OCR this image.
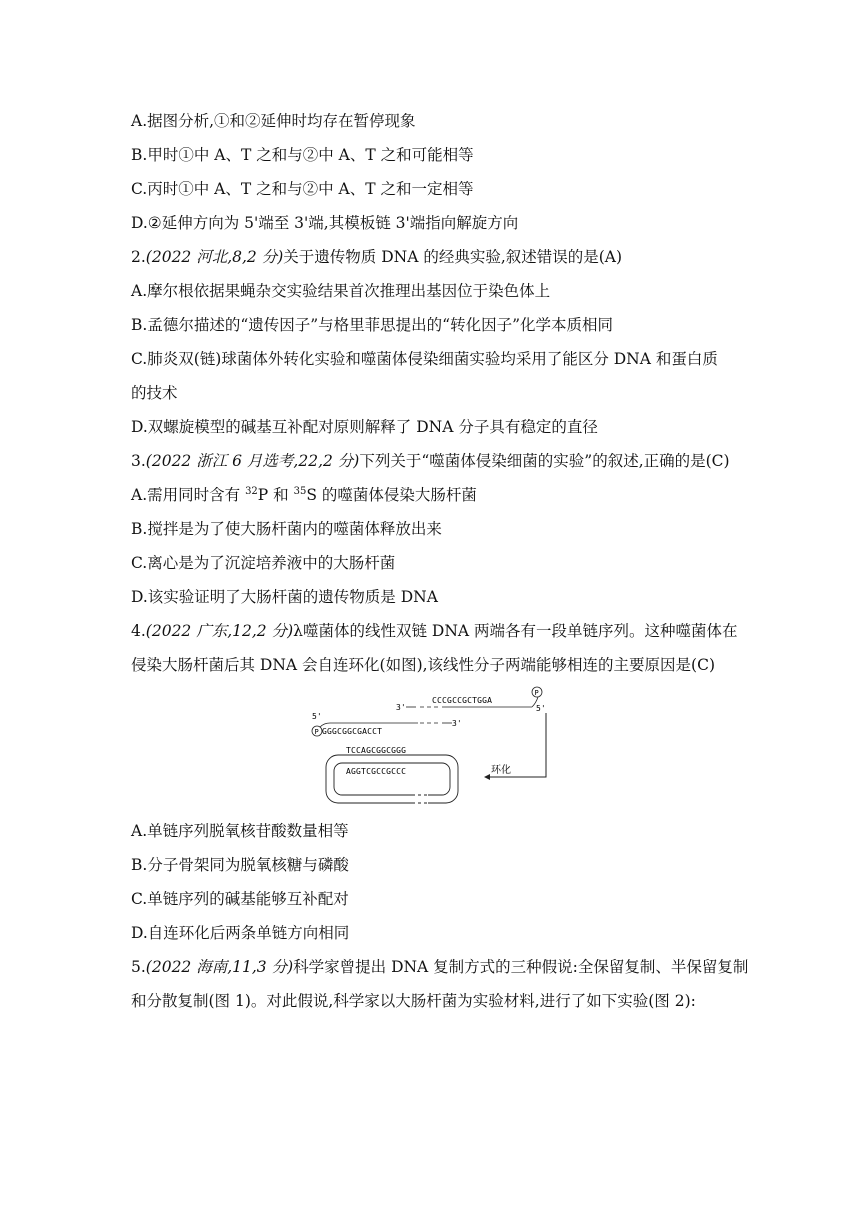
A.据图分析,①和②延伸时均存在暂停现象
B.甲时①中 A、T 之和与②中 A、T 之和可能相等
C.丙时①中 A、T 之和与②中 A、T 之和一定相等
D.②延伸方向为 5'端至 3'端,其模板链 3'端指向解旋方向
2.(2022 河北,8,2 分)关于遗传物质 DNA 的经典实验,叙述错误的是(A)
A.摩尔根依据果蝇杂交实验结果首次推理出基因位于染色体上
B.孟德尔描述的“遗传因子”与格里菲思提出的“转化因子”化学本质相同
C.肺炎双(链)球菌体外转化实验和噬菌体侵染细菌实验均采用了能区分 DNA 和蛋白质
的技术
D.双螺旋模型的碱基互补配对原则解释了 DNA 分子具有稳定的直径
3.(2022 浙江 6 月选考,22,2 分)下列关于“噬菌体侵染细菌的实验”的叙述,正确的是(C)
A.需用同时含有 $^{32}$P 和 $^{35}$S 的噬菌体侵染大肠杆菌
B.搅拌是为了使大肠杆菌内的噬菌体释放出来
C.离心是为了沉淀培养液中的大肠杆菌
D.该实验证明了大肠杆菌的遗传物质是 DNA
4.(2022 广东,12,2 分)λ噬菌体的线性双链 DNA 两端各有一段单链序列。这种噬菌体在
侵染大肠杆菌后其 DNA 会自连环化(如图),该线性分子两端能够相连的主要原因是(C)
3'
CCCGCCGCTGGA
P
5'
5'
3'
GGGCGGCGACCT
P
环化
TCCAGCGGCGGG
AGGTCGCCGCCC
A.单链序列脱氧核苷酸数量相等
B.分子骨架同为脱氧核糖与磷酸
C.单链序列的碱基能够互补配对
D.自连环化后两条单链方向相同
5.(2022 海南,11,3 分)科学家曾提出 DNA 复制方式的三种假说:全保留复制、半保留复制
和分散复制(图 1)。对此假说,科学家以大肠杆菌为实验材料,进行了如下实验(图 2):
